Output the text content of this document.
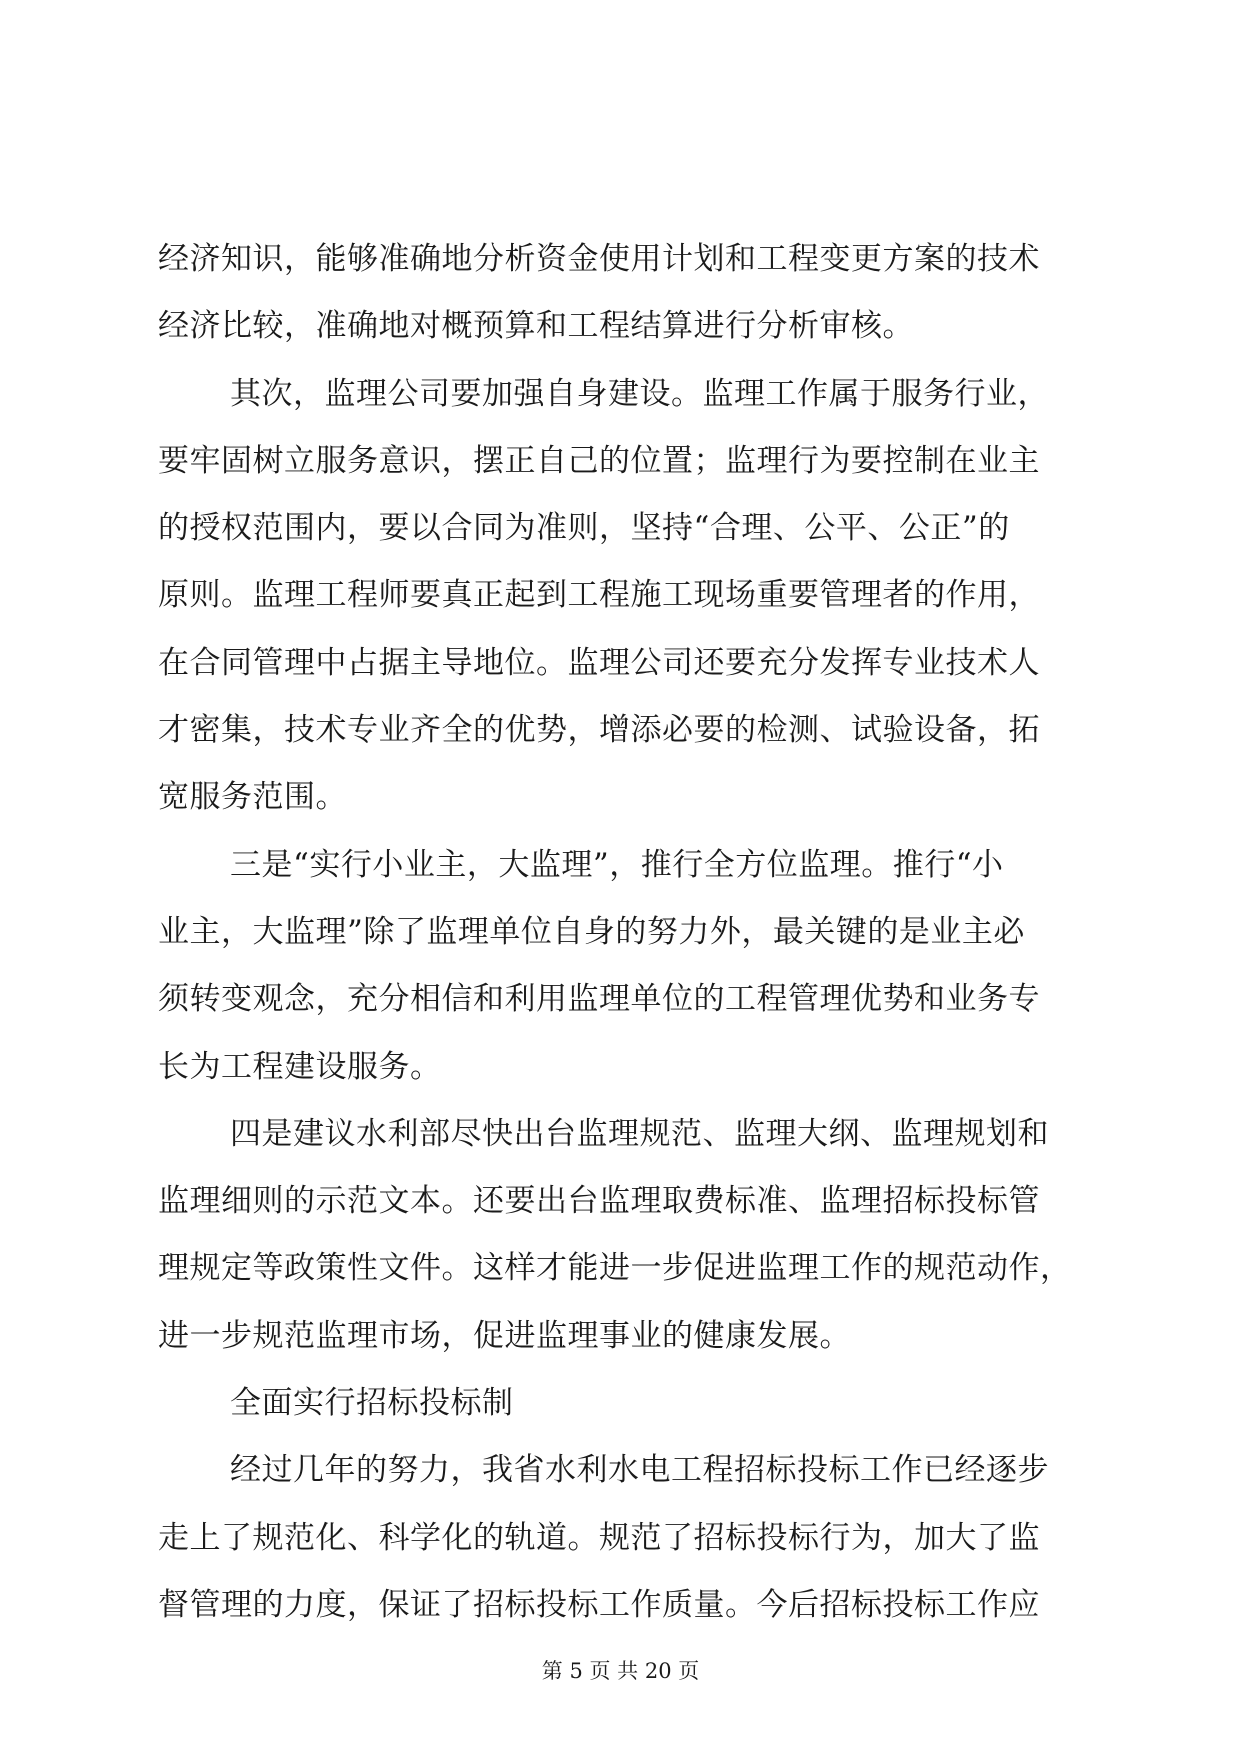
经济知识，能够准确地分析资金使用计划和工程变更方案的技术
经济比较，准确地对概预算和工程结算进行分析审核。
其次，监理公司要加强自身建设。监理工作属于服务行业，
要牢固树立服务意识，摆正自己的位置；监理行为要控制在业主
的授权范围内，要以合同为准则，坚持“合理、公平、公正”的
原则。监理工程师要真正起到工程施工现场重要管理者的作用，
在合同管理中占据主导地位。监理公司还要充分发挥专业技术人
才密集，技术专业齐全的优势，增添必要的检测、试验设备，拓
宽服务范围。
三是“实行小业主，大监理”，推行全方位监理。推行“小
业主，大监理”除了监理单位自身的努力外，最关键的是业主必
须转变观念，充分相信和利用监理单位的工程管理优势和业务专
长为工程建设服务。
四是建议水利部尽快出台监理规范、监理大纲、监理规划和
监理细则的示范文本。还要出台监理取费标准、监理招标投标管
理规定等政策性文件。这样才能进一步促进监理工作的规范动作，
进一步规范监理市场，促进监理事业的健康发展。
全面实行招标投标制
经过几年的努力，我省水利水电工程招标投标工作已经逐步
走上了规范化、科学化的轨道。规范了招标投标行为，加大了监
督管理的力度，保证了招标投标工作质量。今后招标投标工作应
第 5 页 共 20 页
